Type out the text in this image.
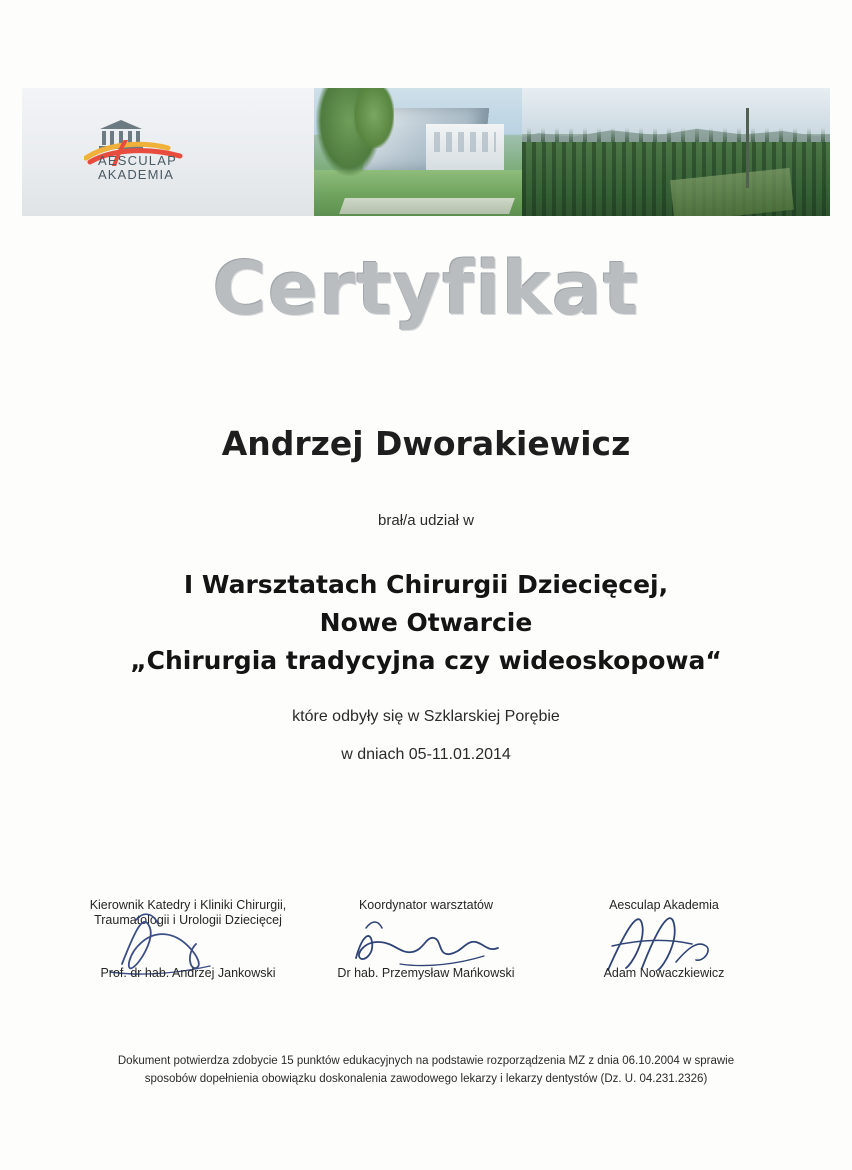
AESCULAP
AKADEMIA
Certyfikat
Andrzej Dworakiewicz
brał/a udział w
I Warsztatach Chirurgii Dziecięcej,
Nowe Otwarcie
„Chirurgia tradycyjna czy wideoskopowa“
które odbyły się w Szklarskiej Porębie
w dniach 05-11.01.2014
Kierownik Katedry i Kliniki Chirurgii,
Traumatologii i Urologii Dziecięcej
Prof. dr hab. Andrzej Jankowski
Koordynator warsztatów
Dr hab. Przemysław Mańkowski
Aesculap Akademia
Adam Nowaczkiewicz
Dokument potwierdza zdobycie 15 punktów edukacyjnych na podstawie rozporządzenia MZ z dnia 06.10.2004 w sprawie
sposobów dopełnienia obowiązku doskonalenia zawodowego lekarzy i lekarzy dentystów (Dz. U. 04.231.2326)
